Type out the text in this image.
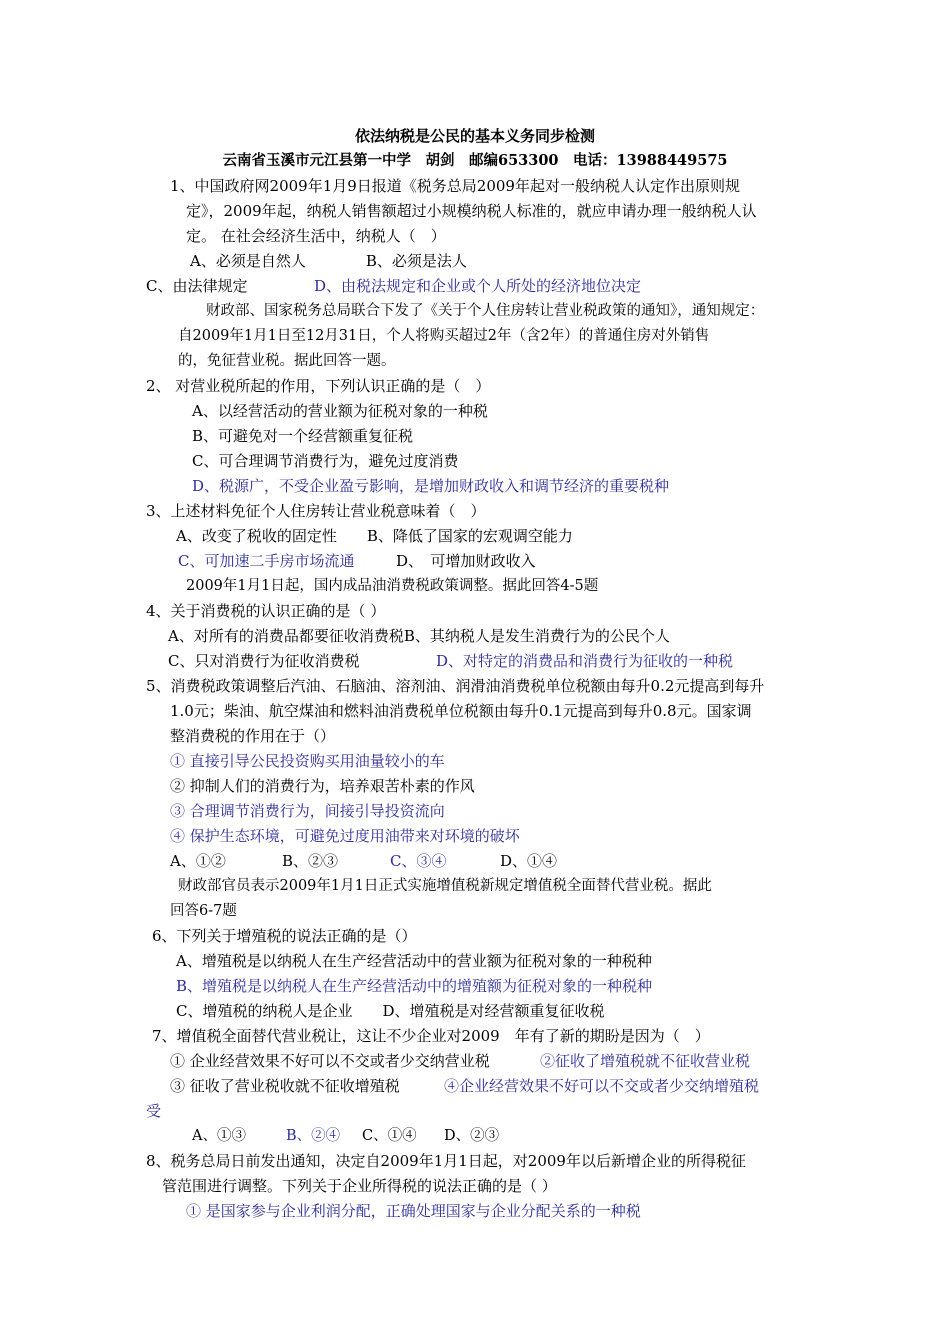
依法纳税是公民的基本义务同步检测
云南省玉溪市元江县第一中学　胡剑　邮编653300　电话：13988449575
1、中国政府网2009年1月9日报道《税务总局2009年起对一般纳税人认定作出原则规
定》，2009年起，纳税人销售额超过小规模纳税人标准的，就应申请办理一般纳税人认
定。 在社会经济生活中，纳税人（　）
A、必须是自然人　　　　B、必须是法人
C、由法律规定	D、由税法规定和企业或个人所处的经济地位决定
财政部、国家税务总局联合下发了《关于个人住房转让营业税政策的通知》，通知规定：
自2009年1月1日至12月31日，个人将购买超过2年（含2年）的普通住房对外销售
的，免征营业税。据此回答一题。
2、 对营业税所起的作用，下列认识正确的是（　）
A、以经营活动的营业额为征税对象的一种税
B、可避免对一个经营额重复征税
C、可合理调节消费行为，避免过度消费
D、税源广，不受企业盈亏影响，是增加财政收入和调节经济的重要税种
3、上述材料免征个人住房转让营业税意味着（　）
A、改变了税收的固定性　　B、降低了国家的宏观调空能力
C、可加速二手房市场流通	D、　可增加财政收入
2009年1月1日起，国内成品油消费税政策调整。据此回答4-5题
4、关于消费税的认识正确的是（ ）
A、对所有的消费品都要征收消费税B、其纳税人是发生消费行为的公民个人
C、只对消费行为征收消费税	D、对特定的消费品和消费行为征收的一种税
5、消费税政策调整后汽油、石脑油、溶剂油、润滑油消费税单位税额由每升0.2元提高到每升
1.0元；柴油、航空煤油和燃料油消费税单位税额由每升0.1元提高到每升0.8元。国家调
整消费税的作用在于（）
① 直接引导公民投资购买用油量较小的车
② 抑制人们的消费行为，培养艰苦朴素的作风
③ 合理调节消费行为，间接引导投资流向
④ 保护生态环境，可避免过度用油带来对环境的破坏
A、①②	B、②③	C、③④	D、①④
财政部官员表示2009年1月1日正式实施增值税新规定增值税全面替代营业税。据此
回答6-7题
6、下列关于增殖税的说法正确的是（）
A、增殖税是以纳税人在生产经营活动中的营业额为征税对象的一种税种
B、增殖税是以纳税人在生产经营活动中的增殖额为征税对象的一种税种
C、增殖税的纳税人是企业　　D、增殖税是对经营额重复征收税
7、增值税全面替代营业税让，这让不少企业对2009　年有了新的期盼是因为（　）
① 企业经营效果不好可以不交或者少交纳营业税	②征收了增殖税就不征收营业税
③ 征收了营业税收就不征收增殖税	④企业经营效果不好可以不交或者少交纳增殖税
受
A、①③	B、②④ C、①④ D、②③
8、税务总局日前发出通知，决定自2009年1月1日起，对2009年以后新增企业的所得税征
管范围进行调整。下列关于企业所得税的说法正确的是（ ）
① 是国家参与企业利润分配，正确处理国家与企业分配关系的一种税
